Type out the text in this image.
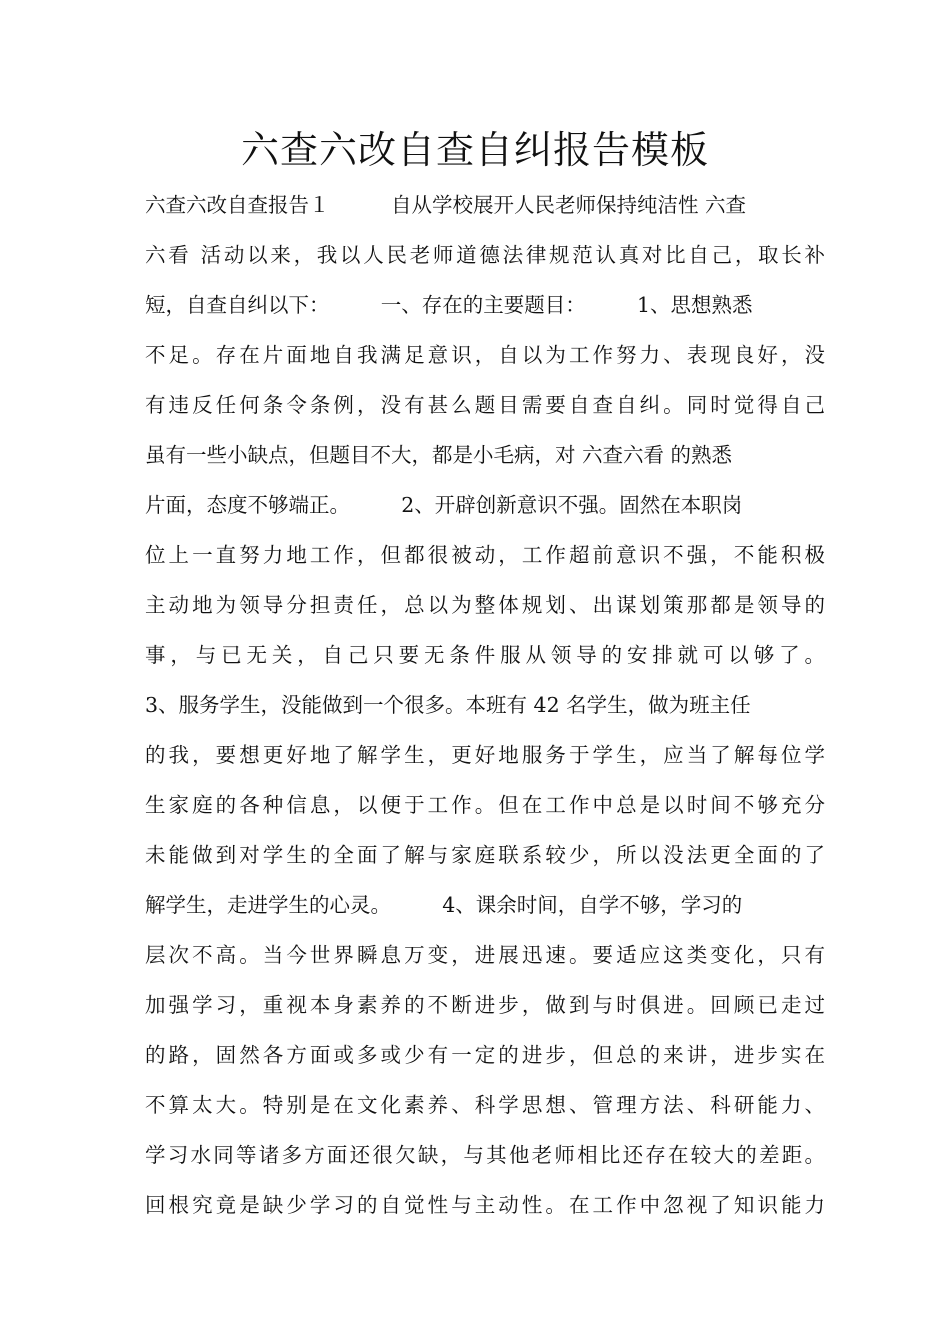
六查六改自查自纠报告模板
六查六改自查报告１　　　自从学校展开人民老师保持纯洁性 六查
六看 活动以来，我以人民老师道德法律规范认真对比自己，取长补
短，自查自纠以下：　　　一、存在的主要题目：　　　1、思想熟悉
不足。存在片面地自我满足意识，自以为工作努力、表现良好，没
有违反任何条令条例，没有甚么题目需要自查自纠。同时觉得自己
虽有一些小缺点，但题目不大，都是小毛病，对 六查六看 的熟悉
片面，态度不够端正。　　　2、开辟创新意识不强。固然在本职岗
位上一直努力地工作，但都很被动，工作超前意识不强，不能积极
主动地为领导分担责任，总以为整体规划、出谋划策那都是领导的
事，与已无关，自己只要无条件服从领导的安排就可以够了。
3、服务学生，没能做到一个很多。本班有 42 名学生，做为班主任
的我，要想更好地了解学生，更好地服务于学生，应当了解每位学
生家庭的各种信息，以便于工作。但在工作中总是以时间不够充分
未能做到对学生的全面了解与家庭联系较少，所以没法更全面的了
解学生，走进学生的心灵。　　　4、课余时间，自学不够，学习的
层次不高。当今世界瞬息万变，进展迅速。要适应这类变化，只有
加强学习，重视本身素养的不断进步，做到与时俱进。回顾已走过
的路，固然各方面或多或少有一定的进步，但总的来讲，进步实在
不算太大。特别是在文化素养、科学思想、管理方法、科研能力、
学习水同等诸多方面还很欠缺，与其他老师相比还存在较大的差距。
回根究竟是缺少学习的自觉性与主动性。在工作中忽视了知识能力
